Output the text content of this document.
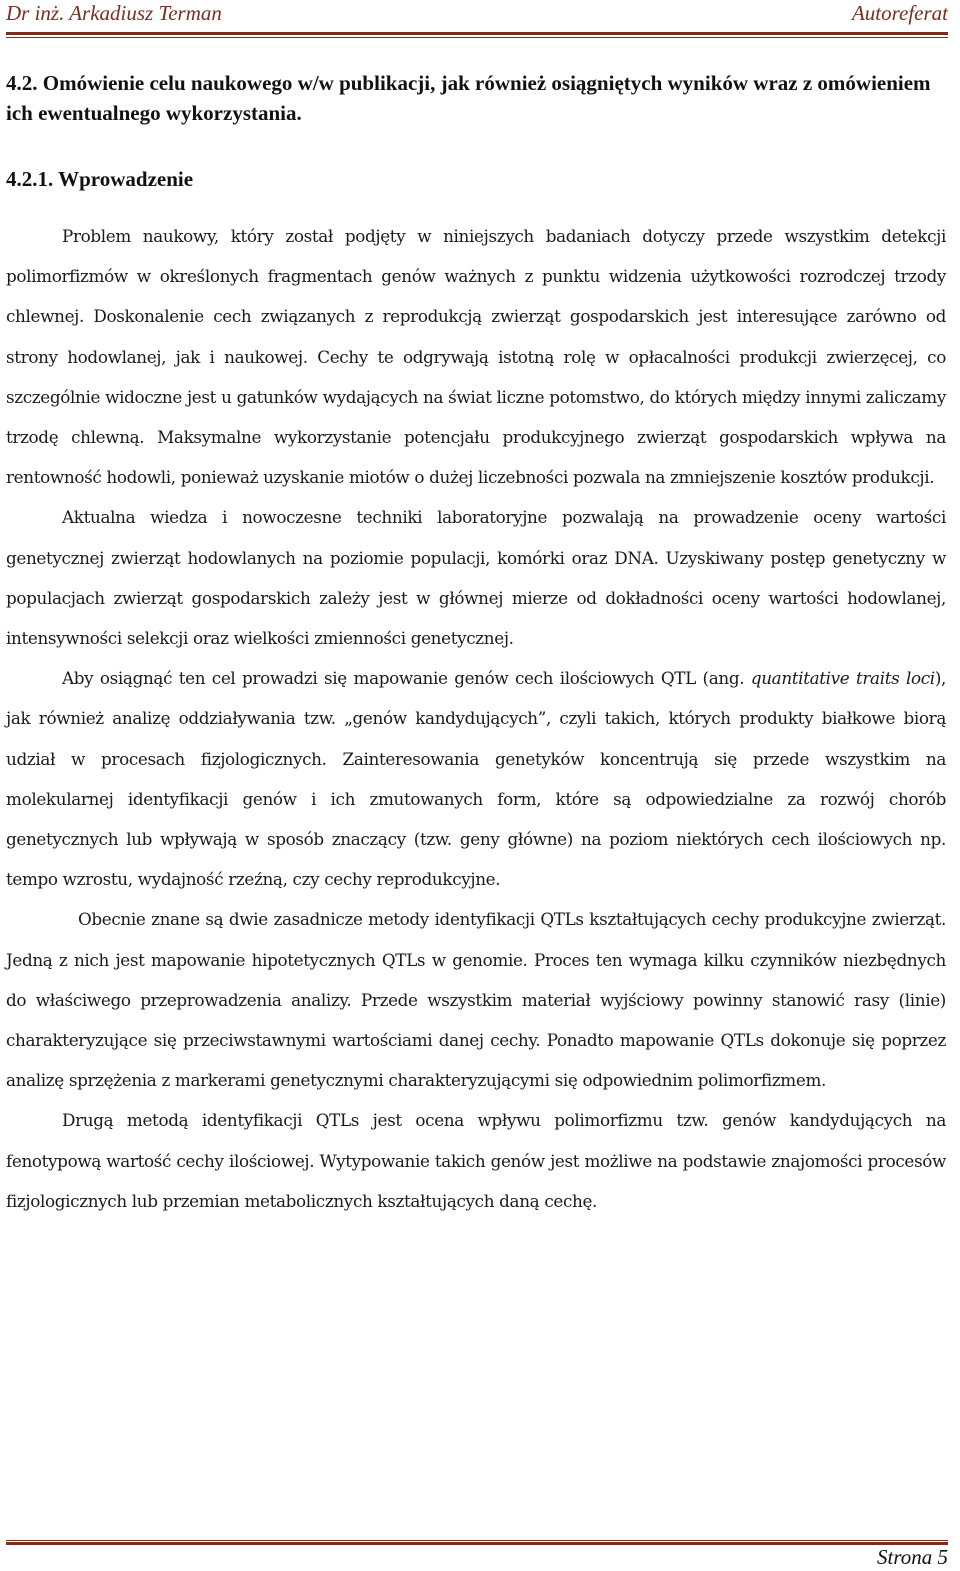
Dr inż. Arkadiusz Terman	Autoreferat
4.2. Omówienie celu naukowego w/w publikacji, jak również osiągniętych wyników wraz z omówieniem ich ewentualnego wykorzystania.
4.2.1. Wprowadzenie

Problem naukowy, który został podjęty w niniejszych badaniach dotyczy przede wszystkim detekcji polimorfizmów w określonych fragmentach genów ważnych z punktu widzenia użytkowości rozrodczej trzody chlewnej. Doskonalenie cech związanych z reprodukcją zwierząt gospodarskich jest interesujące zarówno od strony hodowlanej, jak i naukowej. Cechy te odgrywają istotną rolę w opłacalności produkcji zwierzęcej, co szczególnie widoczne jest u gatunków wydających na świat liczne potomstwo, do których między innymi zaliczamy trzodę chlewną. Maksymalne wykorzystanie potencjału produkcyjnego zwierząt gospodarskich wpływa na rentowność hodowli, ponieważ uzyskanie miotów o dużej liczebności pozwala na zmniejszenie kosztów produkcji.

Aktualna wiedza i nowoczesne techniki laboratoryjne pozwalają na prowadzenie oceny wartości genetycznej zwierząt hodowlanych na poziomie populacji, komórki oraz DNA. Uzyskiwany postęp genetyczny w populacjach zwierząt gospodarskich zależy jest w głównej mierze od dokładności oceny wartości hodowlanej, intensywności selekcji oraz wielkości zmienności genetycznej.

Aby osiągnąć ten cel prowadzi się mapowanie genów cech ilościowych QTL (ang. quantitative traits loci), jak również analizę oddziaływania tzw. „genów kandydujących”, czyli takich, których produkty białkowe biorą udział w procesach fizjologicznych. Zainteresowania genetyków koncentrują się przede wszystkim na molekularnej identyfikacji genów i ich zmutowanych form, które są odpowiedzialne za rozwój chorób genetycznych lub wpływają w sposób znaczący (tzw. geny główne) na poziom niektórych cech ilościowych np. tempo wzrostu, wydajność rzeźną, czy cechy reprodukcyjne.

Obecnie znane są dwie zasadnicze metody identyfikacji QTLs kształtujących cechy produkcyjne zwierząt. Jedną z nich jest mapowanie hipotetycznych QTLs w genomie. Proces ten wymaga kilku czynników niezbędnych do właściwego przeprowadzenia analizy. Przede wszystkim materiał wyjściowy powinny stanowić rasy (linie) charakteryzujące się przeciwstawnymi wartościami danej cechy. Ponadto mapowanie QTLs dokonuje się poprzez analizę sprzężenia z markerami genetycznymi charakteryzującymi się odpowiednim polimorfizmem.

Drugą metodą identyfikacji QTLs jest ocena wpływu polimorfizmu tzw. genów kandydujących na fenotypową wartość cechy ilościowej. Wytypowanie takich genów jest możliwe na podstawie znajomości procesów fizjologicznych lub przemian metabolicznych kształtujących daną cechę.

Strona 5
